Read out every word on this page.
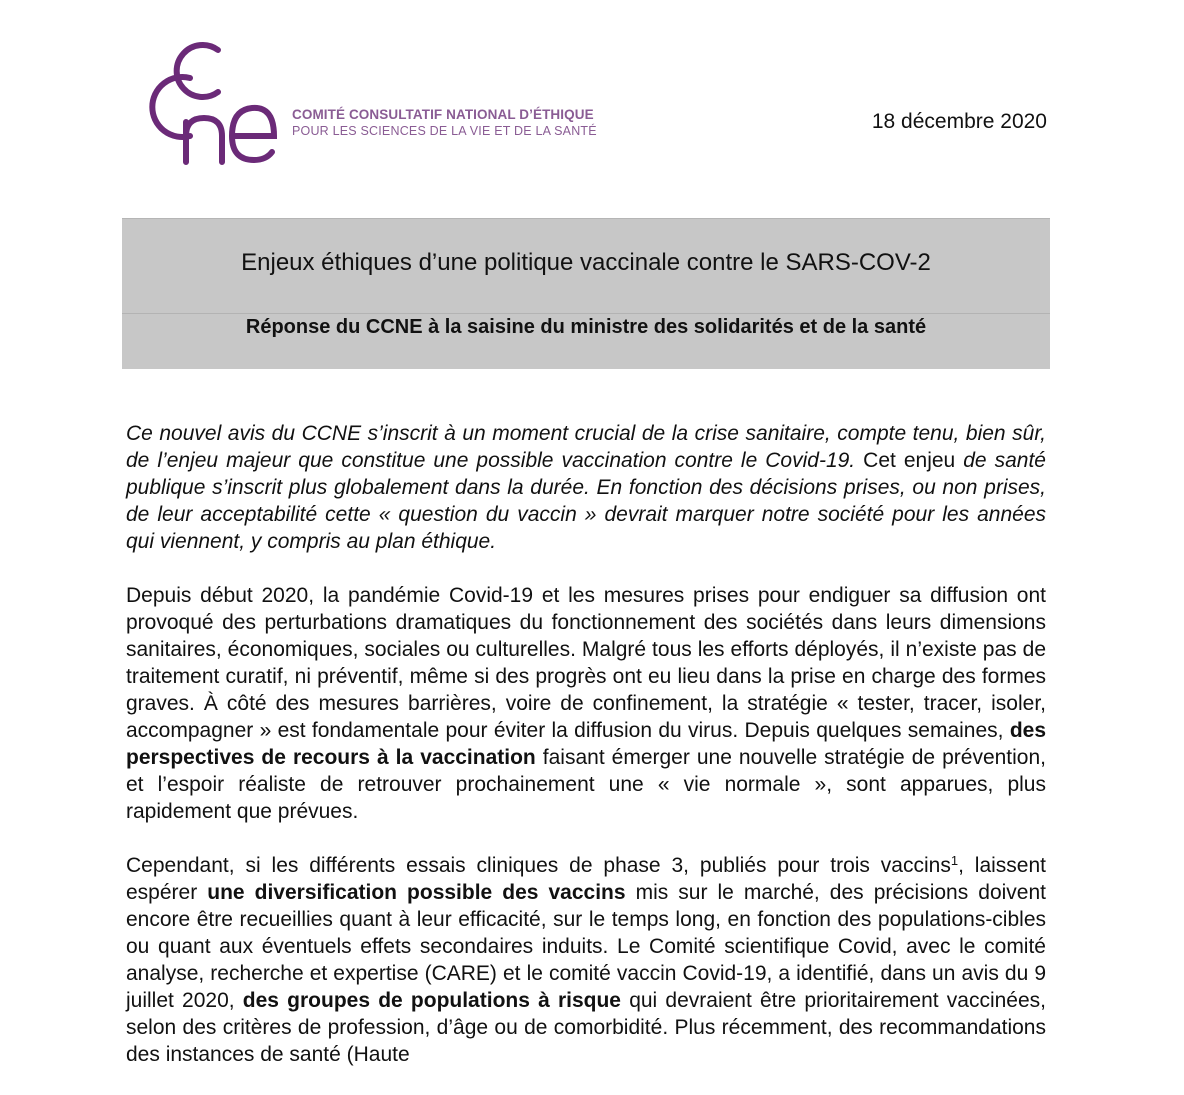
COMITÉ CONSULTATIF NATIONAL D’ÉTHIQUE
POUR LES SCIENCES DE LA VIE ET DE LA SANTÉ	18 décembre 2020
Enjeux éthiques d’une politique vaccinale contre le SARS-COV-2
Réponse du CCNE à la saisine du ministre des solidarités et de la santé

Ce nouvel avis du CCNE s’inscrit à un moment crucial de la crise sanitaire, compte tenu, bien sûr, de l’enjeu majeur que constitue une possible vaccination contre le Covid-19. Cet enjeu de santé publique s’inscrit plus globalement dans la durée. En fonction des décisions prises, ou non prises, de leur acceptabilité cette « question du vaccin » devrait marquer notre société pour les années qui viennent, y compris au plan éthique.

Depuis début 2020, la pandémie Covid-19 et les mesures prises pour endiguer sa diffusion ont provoqué des perturbations dramatiques du fonctionnement des sociétés dans leurs dimensions sanitaires, économiques, sociales ou culturelles. Malgré tous les efforts déployés, il n’existe pas de traitement curatif, ni préventif, même si des progrès ont eu lieu dans la prise en charge des formes graves. À côté des mesures barrières, voire de confinement, la stratégie « tester, tracer, isoler, accompagner » est fondamentale pour éviter la diffusion du virus. Depuis quelques semaines, des perspectives de recours à la vaccination faisant émerger une nouvelle stratégie de prévention, et l’espoir réaliste de retrouver prochainement une « vie normale », sont apparues, plus rapidement que prévues.

Cependant, si les différents essais cliniques de phase 3, publiés pour trois vaccins$^1$, laissent espérer une diversification possible des vaccins mis sur le marché, des précisions doivent encore être recueillies quant à leur efficacité, sur le temps long, en fonction des populations-cibles ou quant aux éventuels effets secondaires induits. Le Comité scientifique Covid, avec le comité analyse, recherche et expertise (CARE) et le comité vaccin Covid-19, a identifié, dans un avis du 9 juillet 2020, des groupes de populations à risque qui devraient être prioritairement vaccinées, selon des critères de profession, d’âge ou de comorbidité. Plus récemment, des recommandations des instances de santé (Haute
